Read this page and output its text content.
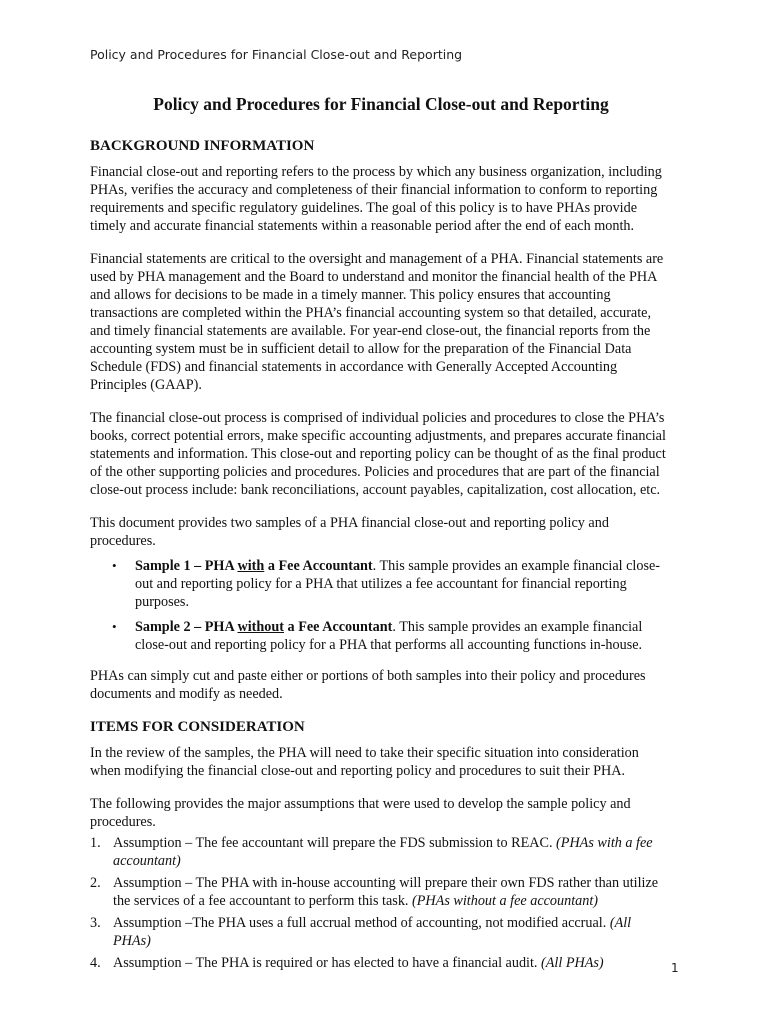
Policy and Procedures for Financial Close-out and Reporting
Policy and Procedures for Financial Close-out and Reporting
BACKGROUND INFORMATION

Financial close-out and reporting refers to the process by which any business organization, including PHAs, verifies the accuracy and completeness of their financial information to conform to reporting requirements and specific regulatory guidelines. The goal of this policy is to have PHAs provide timely and accurate financial statements within a reasonable period after the end of each month.

Financial statements are critical to the oversight and management of a PHA. Financial statements are used by PHA management and the Board to understand and monitor the financial health of the PHA and allows for decisions to be made in a timely manner. This policy ensures that accounting transactions are completed within the PHA’s financial accounting system so that detailed, accurate, and timely financial statements are available. For year-end close-out, the financial reports from the accounting system must be in sufficient detail to allow for the preparation of the Financial Data Schedule (FDS) and financial statements in accordance with Generally Accepted Accounting Principles (GAAP).

The financial close-out process is comprised of individual policies and procedures to close the PHA’s books, correct potential errors, make specific accounting adjustments, and prepares accurate financial statements and information. This close-out and reporting policy can be thought of as the final product of the other supporting policies and procedures. Policies and procedures that are part of the financial close-out process include: bank reconciliations, account payables, capitalization, cost allocation, etc.

This document provides two samples of a PHA financial close-out and reporting policy and procedures.

• Sample 1 – PHA with a Fee Accountant. This sample provides an example financial close-out and reporting policy for a PHA that utilizes a fee accountant for financial reporting purposes.
• Sample 2 – PHA without a Fee Accountant. This sample provides an example financial close-out and reporting policy for a PHA that performs all accounting functions in-house.

PHAs can simply cut and paste either or portions of both samples into their policy and procedures documents and modify as needed.

ITEMS FOR CONSIDERATION

In the review of the samples, the PHA will need to take their specific situation into consideration when modifying the financial close-out and reporting policy and procedures to suit their PHA.

The following provides the major assumptions that were used to develop the sample policy and procedures.

1. Assumption – The fee accountant will prepare the FDS submission to REAC. (PHAs with a fee accountant)
2. Assumption – The PHA with in-house accounting will prepare their own FDS rather than utilize the services of a fee accountant to perform this task. (PHAs without a fee accountant)
3. Assumption –The PHA uses a full accrual method of accounting, not modified accrual. (All PHAs)
4. Assumption – The PHA is required or has elected to have a financial audit. (All PHAs)	1
